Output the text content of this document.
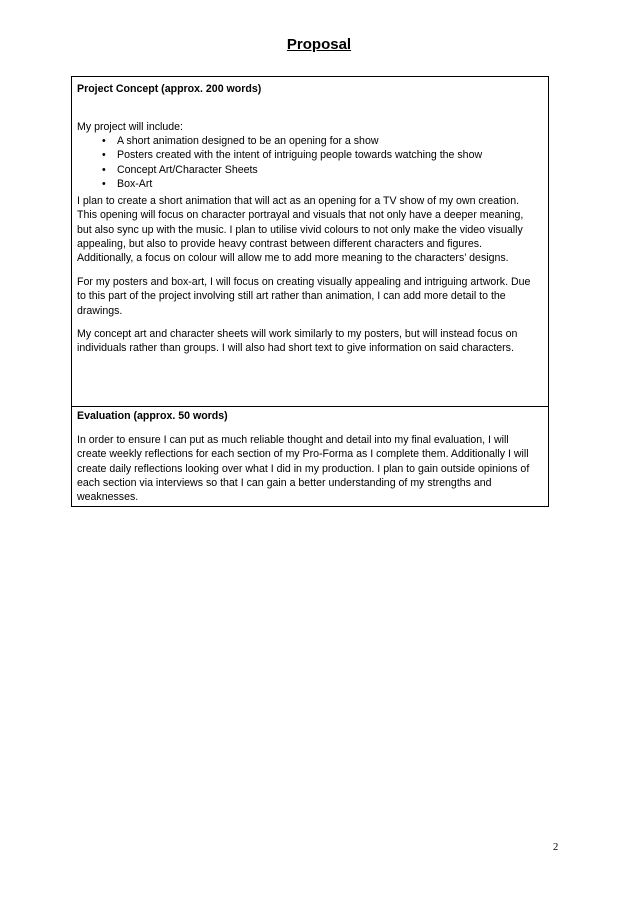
Proposal
Project Concept (approx. 200 words)
My project will include:
• A short animation designed to be an opening for a show
• Posters created with the intent of intriguing people towards watching the show
• Concept Art/Character Sheets
• Box-Art

I plan to create a short animation that will act as an opening for a TV show of my own creation.
This opening will focus on character portrayal and visuals that not only have a deeper meaning,
but also sync up with the music. I plan to utilise vivid colours to not only make the video visually
appealing, but also to provide heavy contrast between different characters and figures.
Additionally, a focus on colour will allow me to add more meaning to the characters’ designs.

For my posters and box-art, I will focus on creating visually appealing and intriguing artwork. Due
to this part of the project involving still art rather than animation, I can add more detail to the
drawings.

My concept art and character sheets will work similarly to my posters, but will instead focus on
individuals rather than groups. I will also had short text to give information on said characters.

Evaluation (approx. 50 words)

In order to ensure I can put as much reliable thought and detail into my final evaluation, I will
create weekly reflections for each section of my Pro-Forma as I complete them. Additionally I will
create daily reflections looking over what I did in my production. I plan to gain outside opinions of
each section via interviews so that I can gain a better understanding of my strengths and
weaknesses.

2
